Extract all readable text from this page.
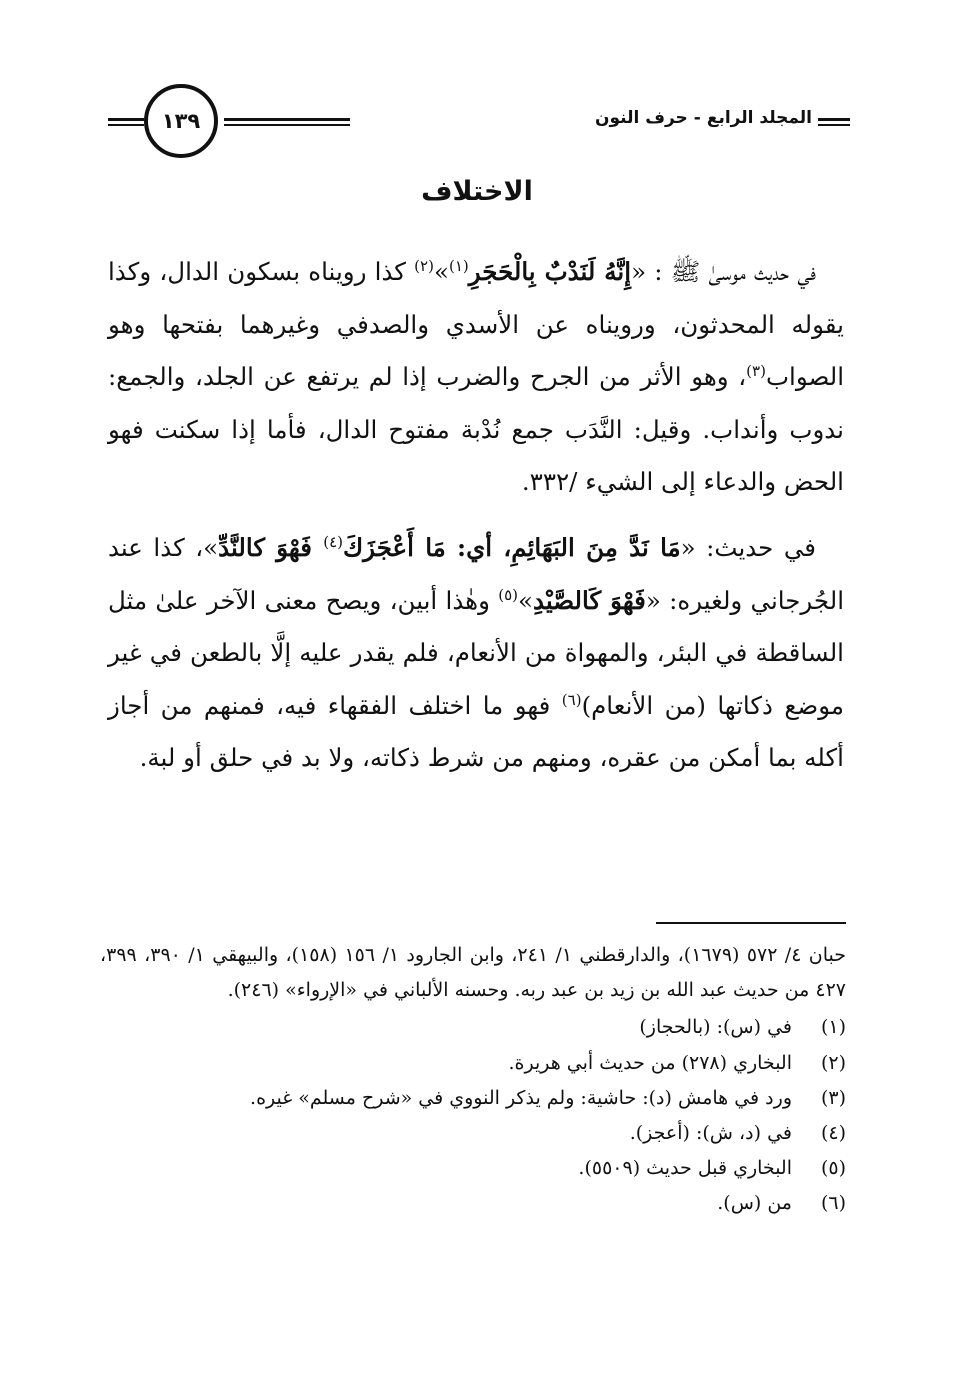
١٣٩	المجلد الرابع-حرف النون
الاختلاف

في حديث موسىٰ ﷺ : «إِنَّهُ لَنَدْبٌ بِالْحَجَرِ$^{(١)}$»$^{(٢)}$ كذا رويناه بسكون الدال، وكذا يقوله المحدثون، ورويناه عن الأسدي والصدفي وغيرهما بفتحها وهو الصواب$^{(٣)}$، وهو الأثر من الجرح والضرب إذا لم يرتفع عن الجلد، والجمع: ندوب وأنداب. وقيل: النَّدَب جمع نُدْبة مفتوح الدال، فأما إذا سكنت فهو الحض والدعاء إلى الشيء /٣٣٢.

في حديث: «مَا نَدَّ مِنَ البَهَائِمِ، أي: مَا أَعْجَزَكَ$^{(٤)}$ فَهْوَ كالنَّدِّ»، كذا عند الجُرجاني ولغيره: «فَهْوَ كَالصَّيْدِ»$^{(٥)}$ وهٰذا أبين، ويصح معنى الآخر علىٰ مثل الساقطة في البئر، والمهواة من الأنعام، فلم يقدر عليه إلَّا بالطعن في غير موضع ذكاتها (من الأنعام)$^{(٦)}$ فهو ما اختلف الفقهاء فيه، فمنهم من أجاز أكله بما أمكن من عقره، ومنهم من شرط ذكاته، ولا بد في حلق أو لبة.

حبان ٤/ ٥٧٢ (١٦٧٩)، والدارقطني ١/ ٢٤١، وابن الجارود ١/ ١٥٦ (١٥٨)، والبيهقي ١/ ٣٩٠، ٣٩٩، ٤٢٧ من حديث عبد الله بن زيد بن عبد ربه. وحسنه الألباني في «الإرواء» (٢٤٦).

(١)
في (س): (بالحجاز)
(٢)
البخاري (٢٧٨) من حديث أبي هريرة.
(٣)
ورد في هامش (د): حاشية: ولم يذكر النووي في «شرح مسلم» غيره.
(٤)
في (د، ش): (أعجز).
(٥)
البخاري قبل حديث (٥٥٠٩).
(٦)
من (س).
